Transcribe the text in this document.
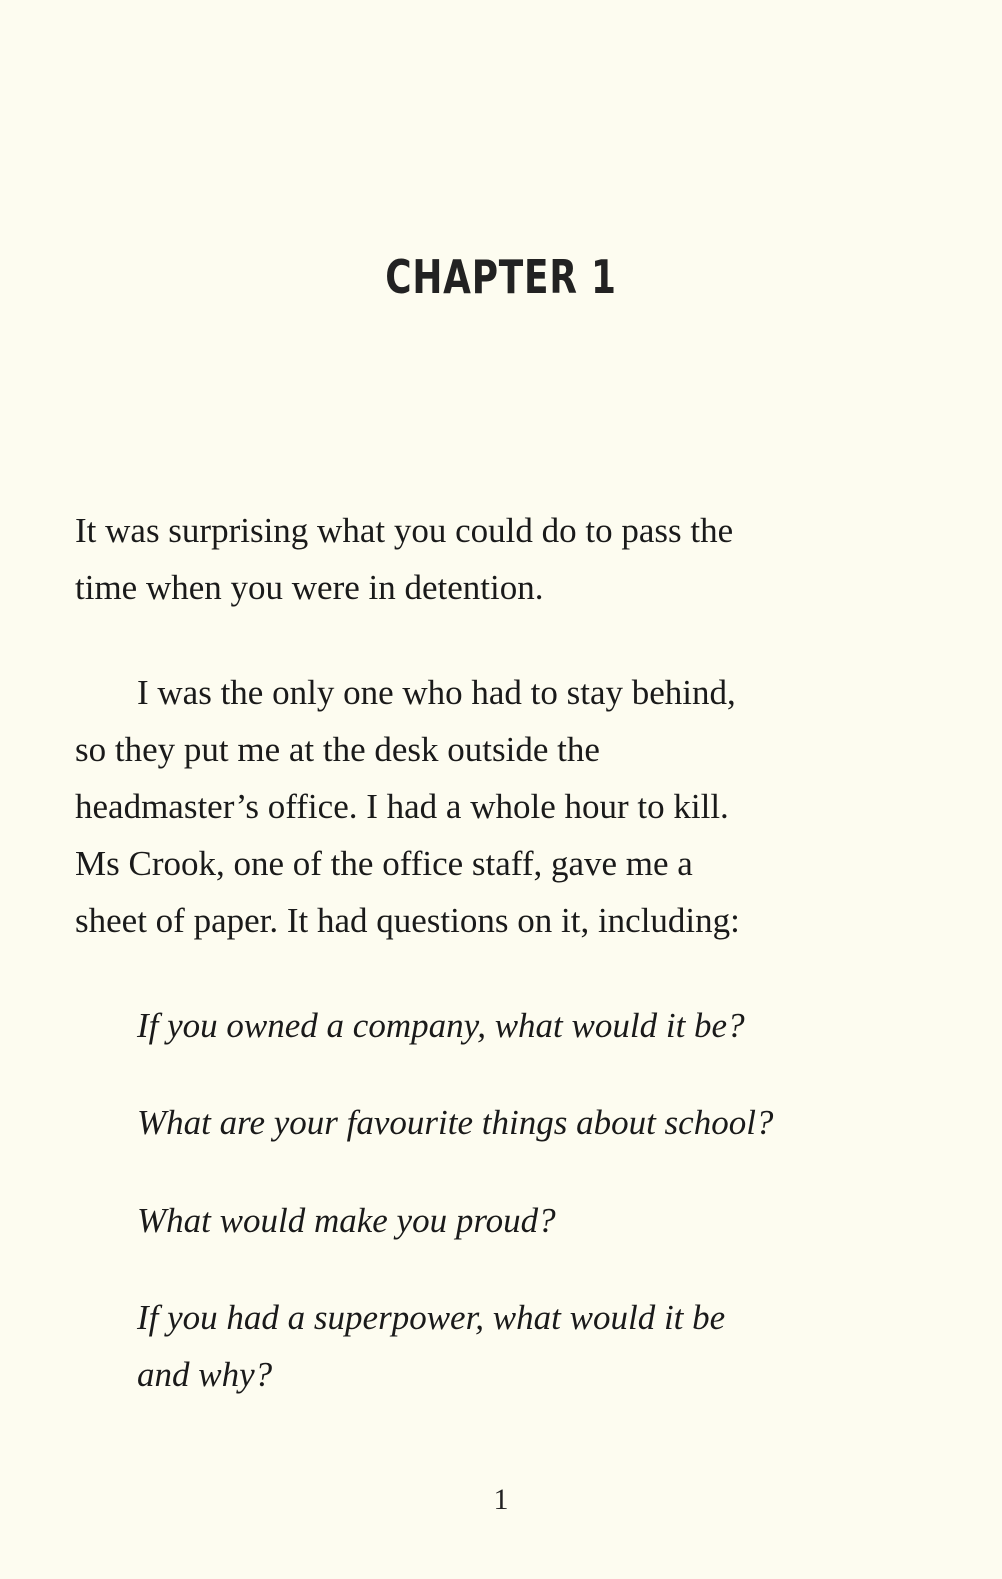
CHAPTER 1

It was surprising what you could do to pass the
time when you were in detention.

I was the only one who had to stay behind,
so they put me at the desk outside the
headmaster’s office. I had a whole hour to kill.
Ms Crook, one of the office staff, gave me a
sheet of paper. It had questions on it, including:

If you owned a company, what would it be?

What are your favourite things about school?

What would make you proud?

If you had a superpower, what would it be
and why?

1
